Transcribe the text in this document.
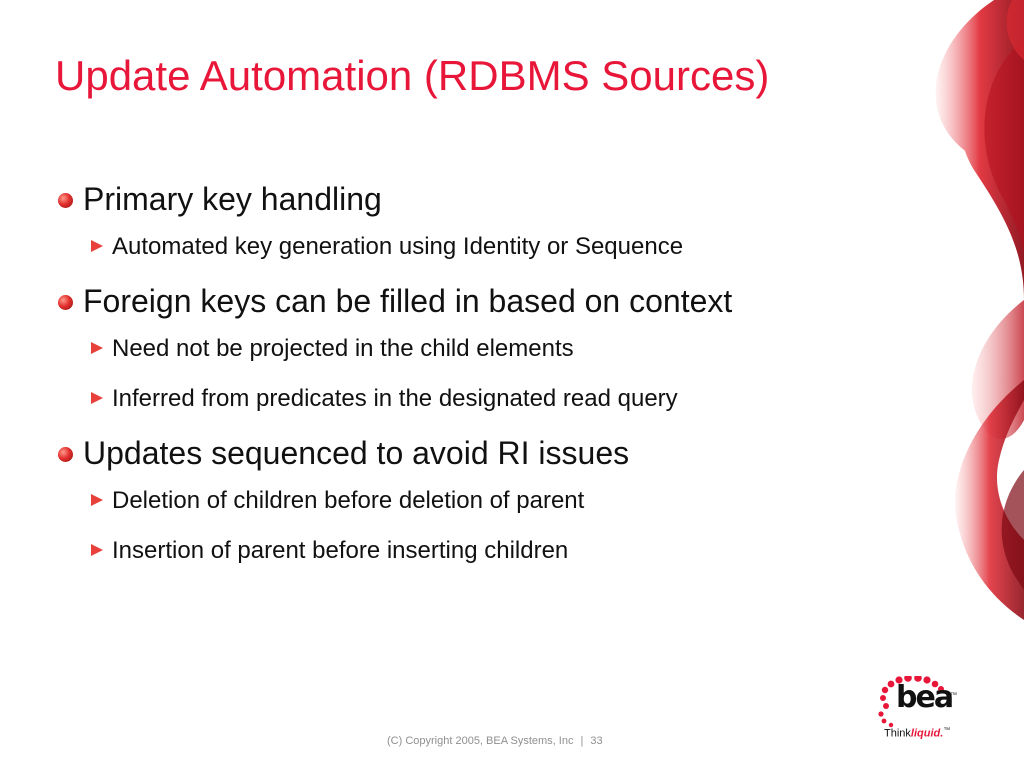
Update Automation (RDBMS Sources)
Primary key handling
Automated key generation using Identity or Sequence
Foreign keys can be filled in based on context
Need not be projected in the child elements
Inferred from predicates in the designated read query
Updates sequenced to avoid RI issues
Deletion of children before deletion of parent
Insertion of parent before inserting children
(C) Copyright 2005, BEA Systems, Inc | 33
bea
™
Thinkliquid.™
